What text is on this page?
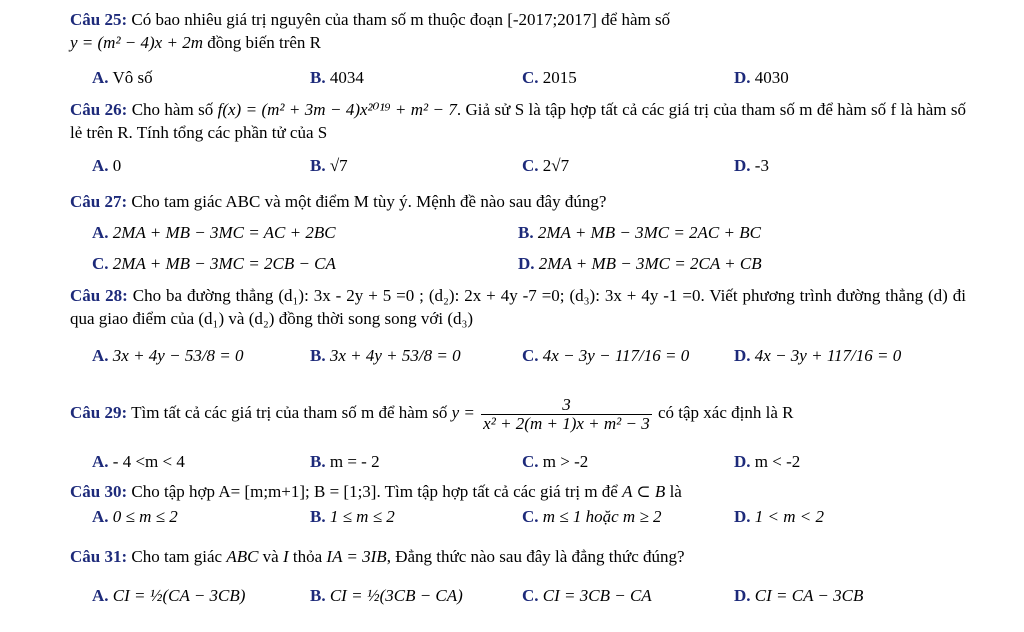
Câu 25: Có bao nhiêu giá trị nguyên của tham số m thuộc đoạn [-2017;2017] để hàm số
y = (m² − 4)x + 2m đồng biến trên R
A. Vô số	B. 4034	C. 2015	D. 4030
Câu 26: Cho hàm số f(x) = (m² + 3m − 4)x²⁰¹⁹ + m² − 7. Giả sử S là tập hợp tất cả các giá trị của tham số m để hàm số f là hàm số lẻ trên R. Tính tổng các phần tử của S
A. 0	B. √7	C. 2√7	D. -3
Câu 27: Cho tam giác ABC và một điểm M tùy ý. Mệnh đề nào sau đây đúng?
A. 2MA + MB − 3MC = AC + 2BC	B. 2MA + MB − 3MC = 2AC + BC
C. 2MA + MB − 3MC = 2CB − CA	D. 2MA + MB − 3MC = 2CA + CB
Câu 28: Cho ba đường thẳng (d₁): 3x - 2y + 5 =0 ; (d₂): 2x + 4y -7 =0; (d₃): 3x + 4y -1 =0. Viết phương trình đường thẳng (d) đi qua giao điểm của (d₁) và (d₂) đồng thời song song với (d₃)
A. 3x + 4y − 53/8 = 0	B. 3x + 4y + 53/8 = 0	C. 4x − 3y − 117/16 = 0	D. 4x − 3y + 117/16 = 0
Câu 29: Tìm tất cả các giá trị của tham số m để hàm số $y = \frac{3}{\text{x² + 2(m + 1)x + m² − 3}}$ có tập xác định là R
A. - 4 <m < 4	B. m = - 2	C. m > -2	D. m < -2
Câu 30: Cho tập hợp A= [m;m+1]; B = [1;3]. Tìm tập hợp tất cả các giá trị m để A ⊂ B là
A. 0 ≤ m ≤ 2	B. 1 ≤ m ≤ 2	C. m ≤ 1 hoặc m ≥ 2	D. 1 < m < 2
Câu 31: Cho tam giác ABC và I thỏa IA = 3IB, Đẳng thức nào sau đây là đẳng thức đúng?
A. CI = ½(CA − 3CB)	B. CI = ½(3CB − CA)	C. CI = 3CB − CA	D. CI = CA − 3CB
